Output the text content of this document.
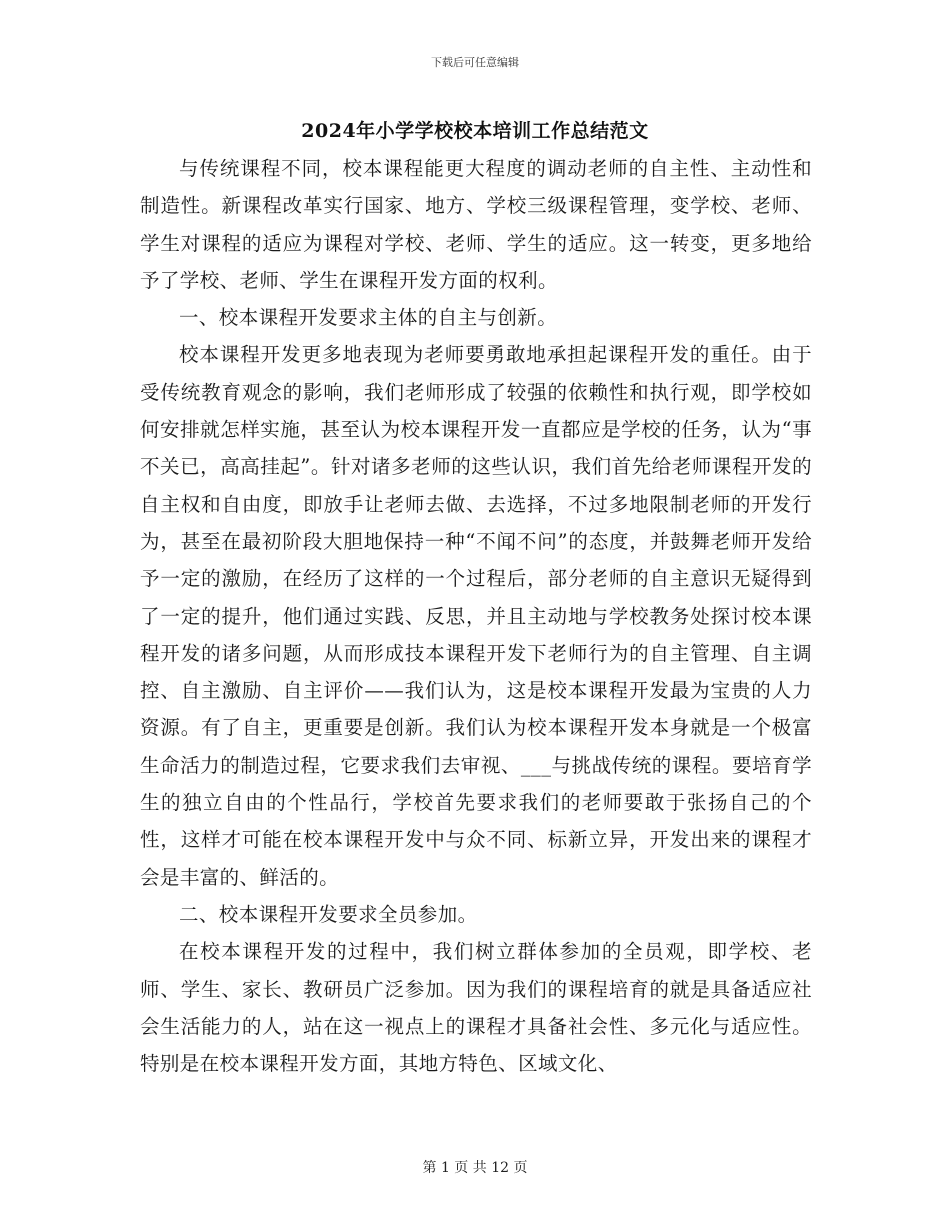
下载后可任意编辑
2024年小学学校校本培训工作总结范文

与传统课程不同，校本课程能更大程度的调动老师的自主性、主动性和制造性。新课程改革实行国家、地方、学校三级课程管理，变学校、老师、学生对课程的适应为课程对学校、老师、学生的适应。这一转变，更多地给予了学校、老师、学生在课程开发方面的权利。

一、校本课程开发要求主体的自主与创新。

校本课程开发更多地表现为老师要勇敢地承担起课程开发的重任。由于受传统教育观念的影响，我们老师形成了较强的依赖性和执行观，即学校如何安排就怎样实施，甚至认为校本课程开发一直都应是学校的任务，认为“事不关已，高高挂起”。针对诸多老师的这些认识，我们首先给老师课程开发的自主权和自由度，即放手让老师去做、去选择，不过多地限制老师的开发行为，甚至在最初阶段大胆地保持一种“不闻不问”的态度，并鼓舞老师开发给予一定的激励，在经历了这样的一个过程后，部分老师的自主意识无疑得到了一定的提升，他们通过实践、反思，并且主动地与学校教务处探讨校本课程开发的诸多问题，从而形成技本课程开发下老师行为的自主管理、自主调控、自主激励、自主评价——我们认为，这是校本课程开发最为宝贵的人力资源。有了自主，更重要是创新。我们认为校本课程开发本身就是一个极富生命活力的制造过程，它要求我们去审视、___与挑战传统的课程。要培育学生的独立自由的个性品行，学校首先要求我们的老师要敢于张扬自己的个性，这样才可能在校本课程开发中与众不同、标新立异，开发出来的课程才会是丰富的、鲜活的。

二、校本课程开发要求全员参加。

在校本课程开发的过程中，我们树立群体参加的全员观，即学校、老师、学生、家长、教研员广泛参加。因为我们的课程培育的就是具备适应社会生活能力的人，站在这一视点上的课程才具备社会性、多元化与适应性。特别是在校本课程开发方面，其地方特色、区域文化、

第 1 页 共 12 页
